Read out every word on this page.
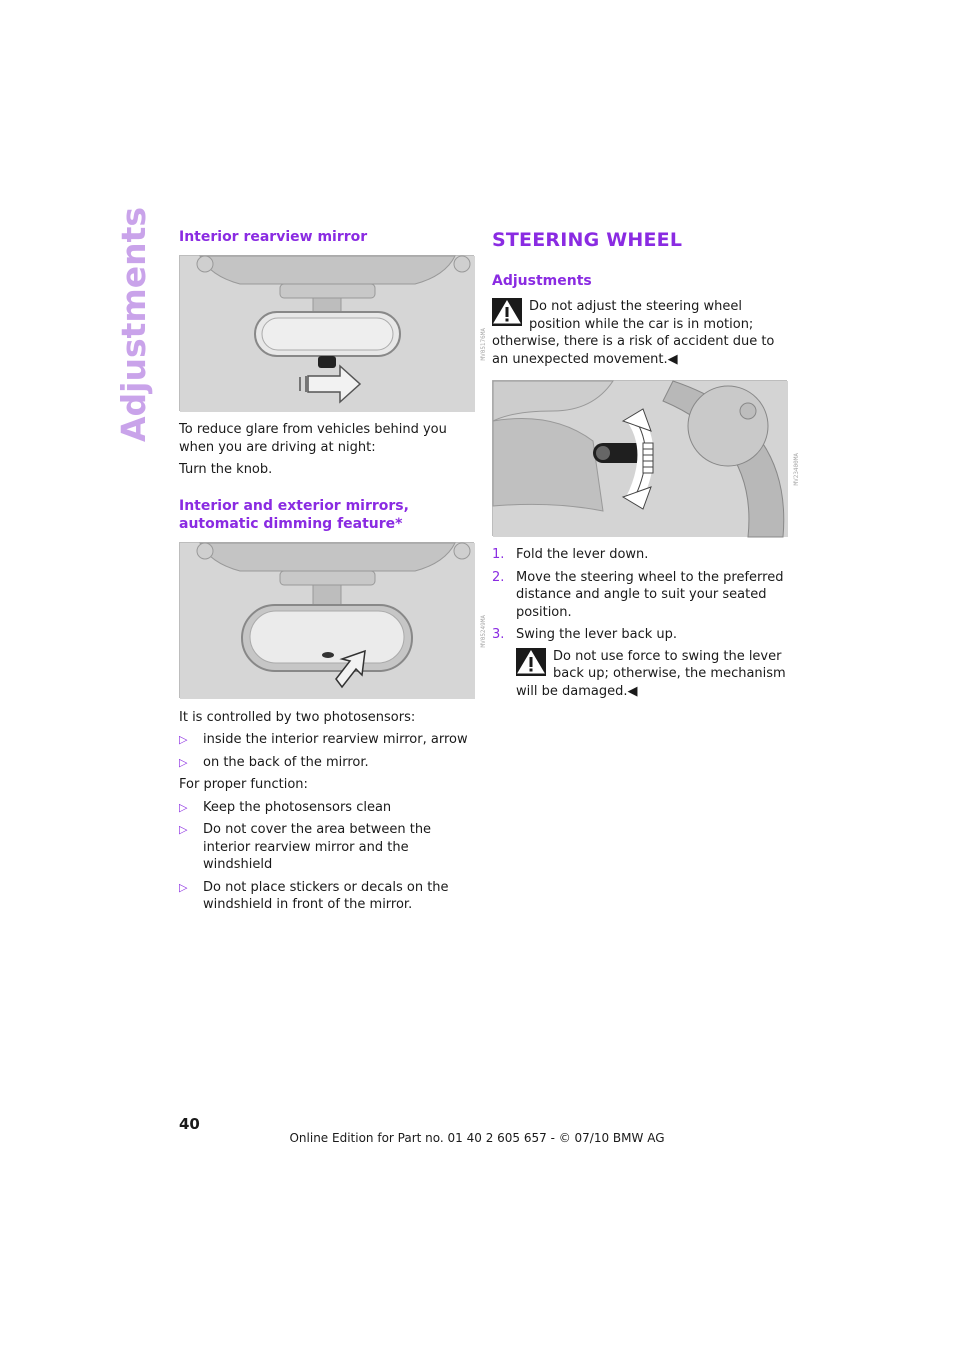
Adjustments Interior rearview mirror
MV05176MA

To reduce glare from vehicles behind you when you are driving at night:

Turn the knob.

Interior and exterior mirrors,
automatic dimming feature*
MV05249MA

It is controlled by two photosensors:

▷ inside the interior rearview mirror, arrow
▷ on the back of the mirror.

For proper function:

▷ Keep the photosensors clean
▷ Do not cover the area between the interior rearview mirror and the windshield
▷ Do not place stickers or decals on the windshield in front of the mirror.
STEERING WHEEL
Adjustments

Do not adjust the steering wheel position while the car is in motion; otherwise, there is a risk of accident due to an unexpected movement.◀

MV23400MA
1. Fold the lever down.
2. Move the steering wheel to the preferred distance and angle to suit your seated position.
3. Swing the lever back up.

Do not use force to swing the lever back up; otherwise, the mechanism will be damaged.◀

40
Online Edition for Part no. 01 40 2 605 657 - © 07/10 BMW AG
